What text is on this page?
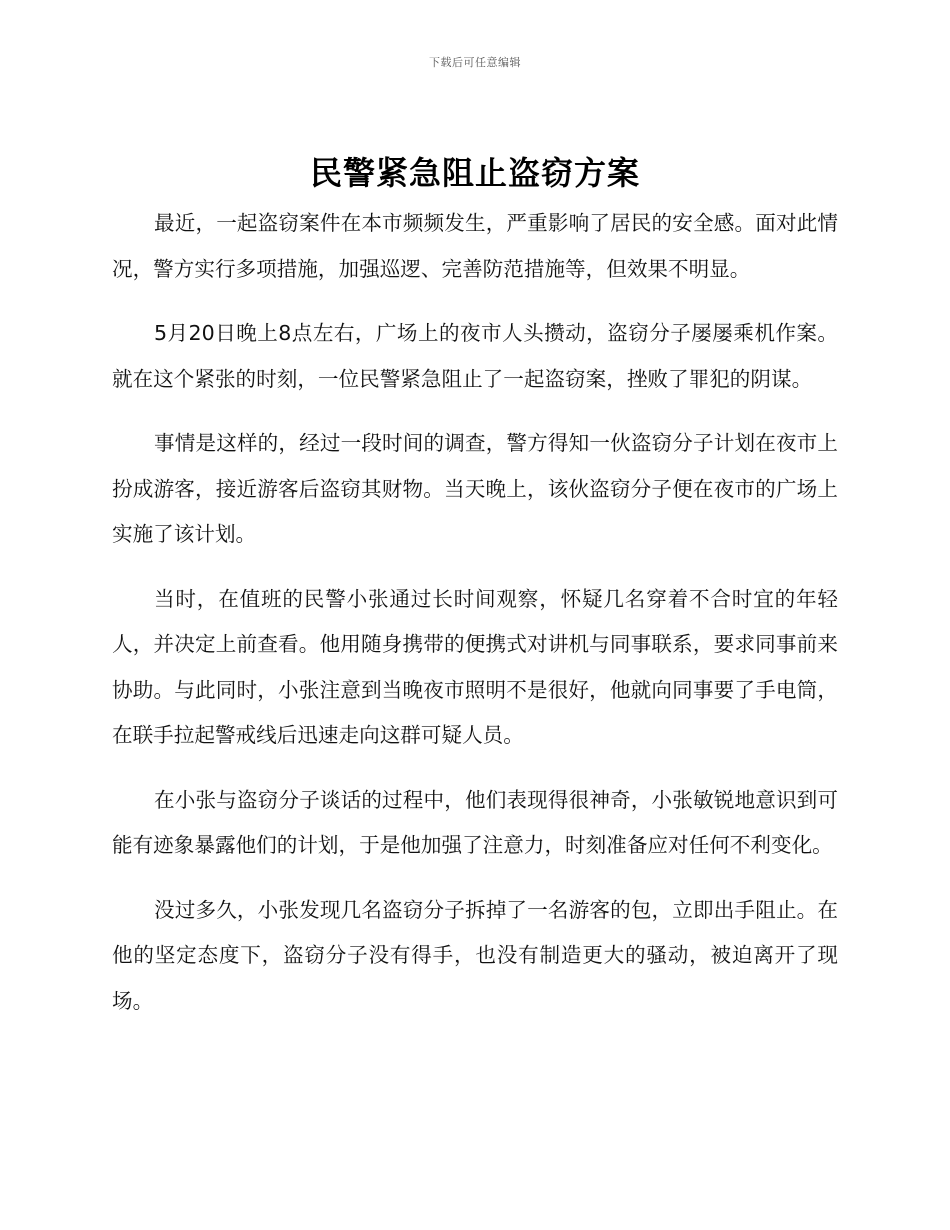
下载后可任意编辑
民警紧急阻止盗窃方案

最近，一起盗窃案件在本市频频发生，严重影响了居民的安全感。面对此情况，警方实行多项措施，加强巡逻、完善防范措施等，但效果不明显。

5月20日晚上8点左右，广场上的夜市人头攒动，盗窃分子屡屡乘机作案。就在这个紧张的时刻，一位民警紧急阻止了一起盗窃案，挫败了罪犯的阴谋。

事情是这样的，经过一段时间的调查，警方得知一伙盗窃分子计划在夜市上扮成游客，接近游客后盗窃其财物。当天晚上，该伙盗窃分子便在夜市的广场上实施了该计划。

当时，在值班的民警小张通过长时间观察，怀疑几名穿着不合时宜的年轻人，并决定上前查看。他用随身携带的便携式对讲机与同事联系，要求同事前来协助。与此同时，小张注意到当晚夜市照明不是很好，他就向同事要了手电筒，在联手拉起警戒线后迅速走向这群可疑人员。

在小张与盗窃分子谈话的过程中，他们表现得很神奇，小张敏锐地意识到可能有迹象暴露他们的计划，于是他加强了注意力，时刻准备应对任何不利变化。

没过多久，小张发现几名盗窃分子拆掉了一名游客的包，立即出手阻止。在他的坚定态度下，盗窃分子没有得手，也没有制造更大的骚动，被迫离开了现场。
